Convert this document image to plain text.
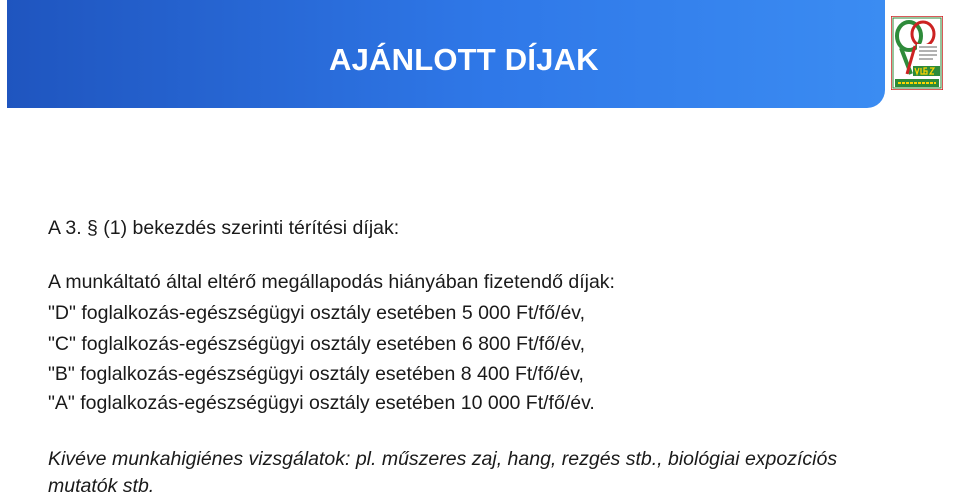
AJÁNLOTT DÍJAK
A 3. § (1) bekezdés szerinti térítési díjak:
A munkáltató által eltérő megállapodás hiányában fizetendő díjak:
"D" foglalkozás-egészségügyi osztály esetében 5 000 Ft/fő/év,
"C" foglalkozás-egészségügyi osztály esetében 6 800 Ft/fő/év,
"B" foglalkozás-egészségügyi osztály esetében 8 400 Ft/fő/év,
"A" foglalkozás-egészségügyi osztály esetében 10 000 Ft/fő/év.
Kivéve munkahigiénes vizsgálatok: pl. műszeres zaj, hang, rezgés stb., biológiai expozíciós
mutatók stb.
